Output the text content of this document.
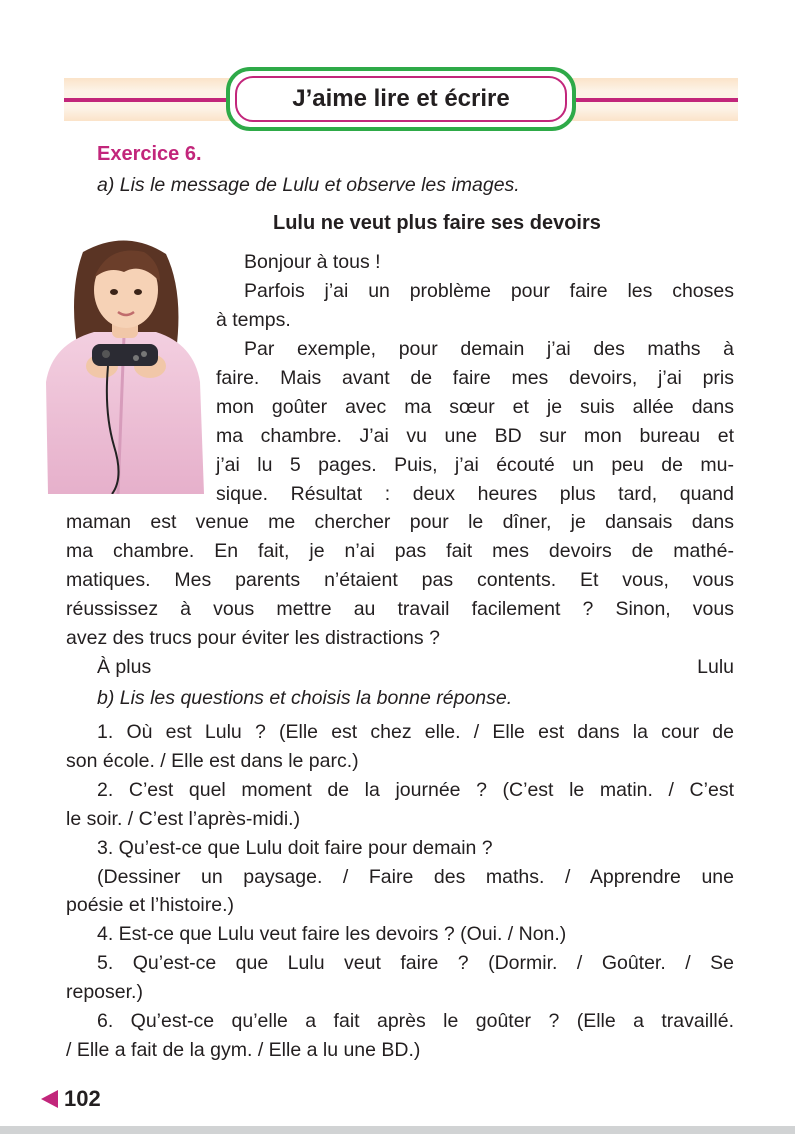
J’aime lire et écrire
Exercice 6.
a) Lis le message de Lulu et observe les images.
Lulu ne veut plus faire ses devoirs
Bonjour à tous !
Parfois j’ai un problème pour faire les choses
à temps.
Par exemple, pour demain j’ai des maths à
faire. Mais avant de faire mes devoirs, j’ai pris
mon goûter avec ma sœur et je suis allée dans
ma chambre. J’ai vu une BD sur mon bureau et
j’ai lu 5 pages. Puis, j’ai écouté un peu de mu-
sique. Résultat : deux heures plus tard, quand
maman est venue me chercher pour le dîner, je dansais dans
ma chambre. En fait, je n’ai pas fait mes devoirs de mathé-
matiques. Mes parents n’étaient pas contents. Et vous, vous
réussissez à vous mettre au travail facilement ? Sinon, vous
avez des trucs pour éviter les distractions ?
À plus	Lulu
b) Lis les questions et choisis la bonne réponse.
1. Où est Lulu ? (Elle est chez elle. / Elle est dans la cour de
son école. / Elle est dans le parc.)
2. C’est quel moment de la journée ? (C’est le matin. / C’est
le soir. / C’est l’après-midi.)
3. Qu’est-ce que Lulu doit faire pour demain ?
(Dessiner un paysage. / Faire des maths. / Apprendre une
poésie et l’histoire.)
4. Est-ce que Lulu veut faire les devoirs ? (Oui. / Non.)
5. Qu’est-ce que Lulu veut faire ? (Dormir. / Goûter. / Se
reposer.)
6. Qu’est-ce qu’elle a fait après le goûter ? (Elle a travaillé.
/ Elle a fait de la gym. / Elle a lu une BD.)
102
